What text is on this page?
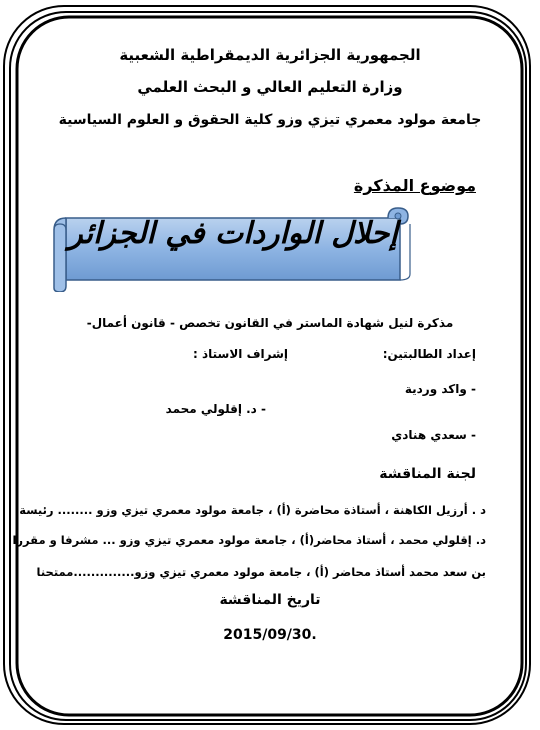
الجمهورية الجزائرية الديمقراطية الشعبية
وزارة التعليم العالي و البحث العلمي
جامعة مولود معمري تيزي وزو كلية الحقوق و العلوم السياسية
موضوع المذكرة
إحلال الواردات في الجزائر
مذكرة لنيل شهادة الماستر في القانون تخصص - قانون أعمال-
إعداد الطالبتين:
إشراف الاستاذ :
- واكد وردية
- د. إقلولي محمد
- سعدي هنادي
لجنة المناقشة
د . أرزيل الكاهنة ، أستاذة محاضرة (أ) ، جامعة مولود معمري تيزي وزو ........ رئيسة
د. إقلولي محمد ، أستاذ محاضر(أ) ، جامعة مولود معمري تيزي وزو ... مشرفا و مقررا
بن سعد محمد أستاذ محاضر (أ) ، جامعة مولود معمري تيزي وزو..............ممتحنا
تاريخ المناقشة
2015/09/30.
